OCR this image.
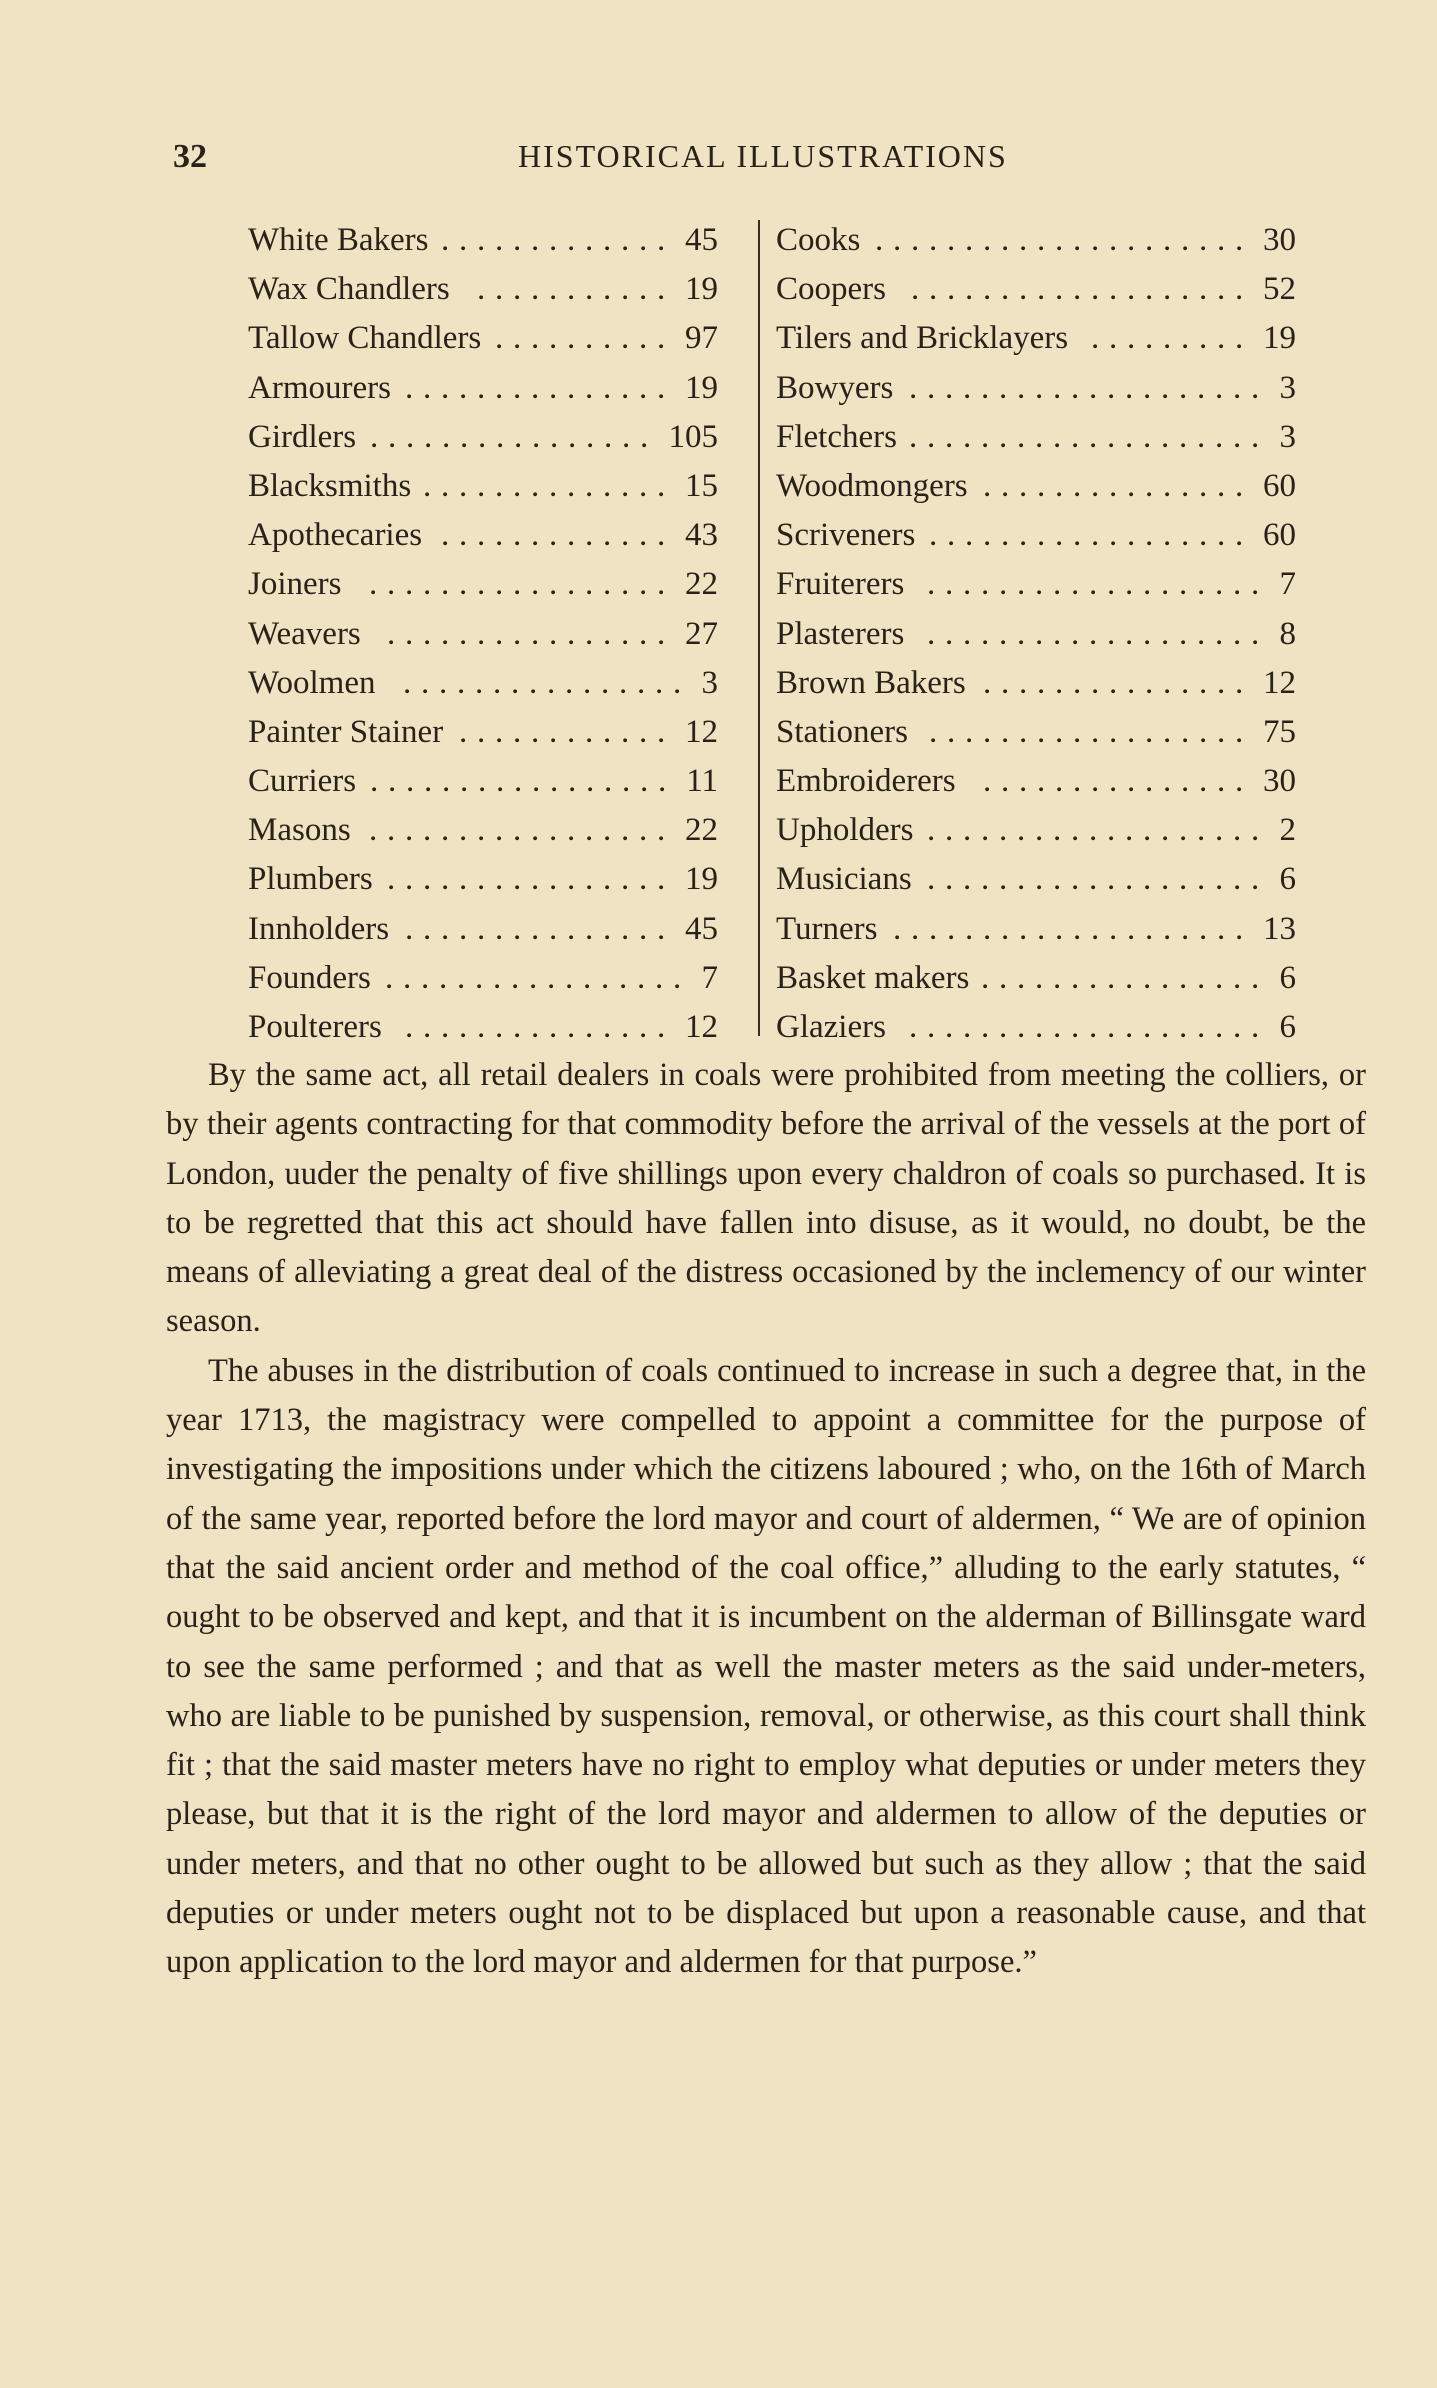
32	HISTORICAL ILLUSTRATIONS
White Bakers ............. 45
Wax Chandlers ........... 19
Tallow Chandlers .......... 97
Armourers ............... 19
Girdlers ................ 105
Blacksmiths .............. 15
Apothecaries ............. 43
Joiners ................. 22
Weavers ................ 27
Woolmen ................ 3
Painter Stainer ............ 12
Curriers ................. 11
Masons ................. 22
Plumbers ................ 19
Innholders ............... 45
Founders ................. 7
Poulterers ............... 12
Cooks ..................... 30
Coopers ................... 52
Tilers and Bricklayers ......... 19
Bowyers .................... 3
Fletchers .................... 3
Woodmongers ............... 60
Scriveners .................. 60
Fruiterers ................... 7
Plasterers ................... 8
Brown Bakers ............... 12
Stationers .................. 75
Embroiderers ............... 30
Upholders ................... 2
Musicians ................... 6
Turners .................... 13
Basket makers ................ 6
Glaziers .................... 6

By the same act, all retail dealers in coals were prohibited from meeting the colliers, or by their agents contracting for that commodity before the arrival of the vessels at the port of London, uuder the penalty of five shillings upon every chaldron of coals so purchased. It is to be regretted that this act should have fallen into disuse, as it would, no doubt, be the means of alleviating a great deal of the distress occasioned by the inclemency of our winter season.

The abuses in the distribution of coals continued to increase in such a degree that, in the year 1713, the magistracy were compelled to appoint a committee for the purpose of investigating the impositions under which the citizens laboured ; who, on the 16th of March of the same year, reported before the lord mayor and court of aldermen, “ We are of opinion that the said ancient order and method of the coal office,” alluding to the early statutes, “ ought to be observed and kept, and that it is incumbent on the alderman of Billinsgate ward to see the same performed ; and that as well the master meters as the said under-meters, who are liable to be punished by suspension, removal, or otherwise, as this court shall think fit ; that the said master meters have no right to employ what deputies or under meters they please, but that it is the right of the lord mayor and aldermen to allow of the deputies or under meters, and that no other ought to be allowed but such as they allow ; that the said deputies or under meters ought not to be displaced but upon a reasonable cause, and that upon application to the lord mayor and aldermen for that purpose.”
